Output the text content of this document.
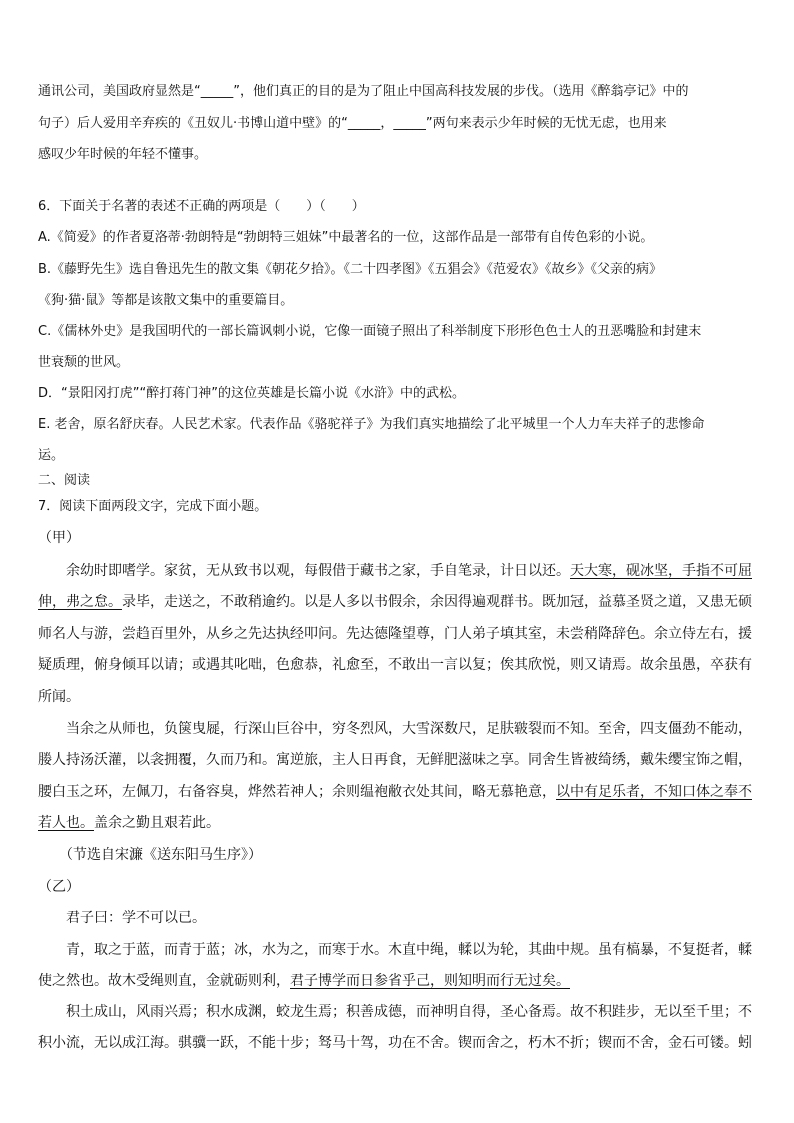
通讯公司，美国政府显然是“_____”，他们真正的目的是为了阻止中国高科技发展的步伐。（选用《醉翁亭记》中的
句子）后人爱用辛弃疾的《丑奴儿·书博山道中壁》的“_____，_____”两句来表示少年时候的无忧无虑，也用来
感叹少年时候的年轻不懂事。
6．下面关于名著的表述不正确的两项是（　　）（　　）
A.《简爱》的作者夏洛蒂·勃朗特是“勃朗特三姐妹”中最著名的一位，这部作品是一部带有自传色彩的小说。
B.《藤野先生》选自鲁迅先生的散文集《朝花夕拾》。《二十四孝图》《五猖会》《范爱农》《故乡》《父亲的病》
《狗·猫·鼠》等都是该散文集中的重要篇目。
C.《儒林外史》是我国明代的一部长篇讽刺小说，它像一面镜子照出了科举制度下形形色色士人的丑恶嘴脸和封建末
世衰颓的世风。
D．“景阳冈打虎”“醉打蒋门神”的这位英雄是长篇小说《水浒》中的武松。
E. 老舍，原名舒庆春。人民艺术家。代表作品《骆驼祥子》为我们真实地描绘了北平城里一个人力车夫祥子的悲惨命
运。
二、阅读
7．阅读下面两段文字，完成下面小题。
（甲）
　　余幼时即嗜学。家贫，无从致书以观，每假借于藏书之家，手自笔录，计日以还。天大寒，砚冰坚，手指不可屈
伸，弗之怠。录毕，走送之，不敢稍逾约。以是人多以书假余，余因得遍观群书。既加冠，益慕圣贤之道，又患无硕
师名人与游，尝趋百里外，从乡之先达执经叩问。先达德隆望尊，门人弟子填其室，未尝稍降辞色。余立侍左右，援
疑质理，俯身倾耳以请；或遇其叱咄，色愈恭，礼愈至，不敢出一言以复；俟其欣悦，则又请焉。故余虽愚，卒获有
所闻。
　　当余之从师也，负箧曳屣，行深山巨谷中，穷冬烈风，大雪深数尺，足肤皲裂而不知。至舍，四支僵劲不能动，
媵人持汤沃灌，以衾拥覆，久而乃和。寓逆旅，主人日再食，无鲜肥滋味之享。同舍生皆被绮绣，戴朱缨宝饰之帽，
腰白玉之环，左佩刀，右备容臭，烨然若神人；余则缊袍敝衣处其间，略无慕艳意，以中有足乐者，不知口体之奉不
若人也。盖余之勤且艰若此。
　　（节选自宋濂《送东阳马生序》）
（乙）
　　君子曰：学不可以已。
　　青，取之于蓝，而青于蓝；冰，水为之，而寒于水。木直中绳，輮以为轮，其曲中规。虽有槁暴，不复挺者，輮
使之然也。故木受绳则直，金就砺则利，君子博学而日参省乎己，则知明而行无过矣。
　　积土成山，风雨兴焉；积水成渊，蛟龙生焉；积善成德，而神明自得，圣心备焉。故不积跬步，无以至千里；不
积小流，无以成江海。骐骥一跃，不能十步；驽马十驾，功在不舍。锲而舍之，朽木不折；锲而不舍，金石可镂。蚓
